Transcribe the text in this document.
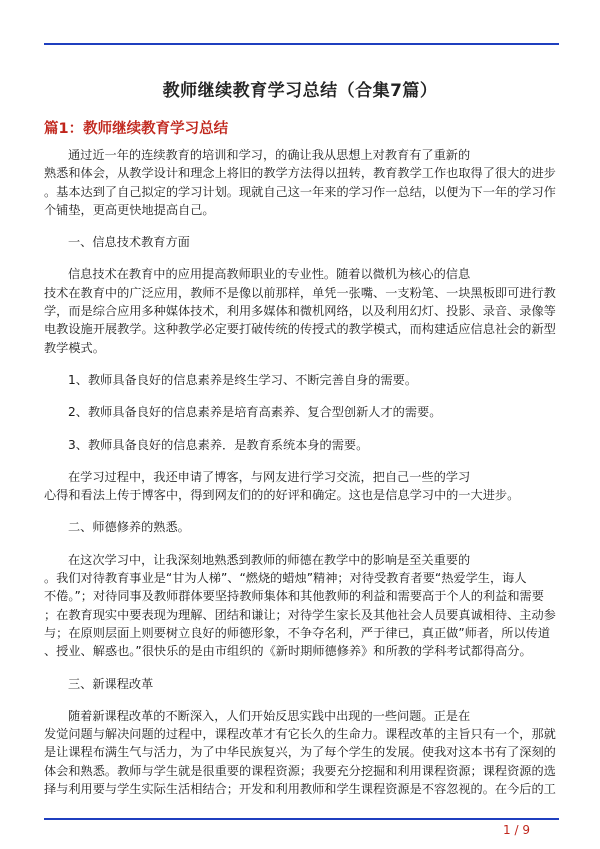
教师继续教育学习总结（合集7篇）
篇1：教师继续教育学习总结
通过近一年的连续教育的培训和学习，的确让我从思想上对教育有了重新的
熟悉和体会，从教学设计和理念上将旧的教学方法得以扭转，教育教学工作也取得了很大的进步
。基本达到了自己拟定的学习计划。现就自己这一年来的学习作一总结，以便为下一年的学习作
个铺垫，更高更快地提高自己。
一、信息技术教育方面
信息技术在教育中的应用提高教师职业的专业性。随着以微机为核心的信息
技术在教育中的广泛应用，教师不是像以前那样，单凭一张嘴、一支粉笔、一块黑板即可进行教
学，而是综合应用多种媒体技术，利用多媒体和微机网络，以及利用幻灯、投影、录音、录像等
电教设施开展教学。这种教学必定要打破传统的传授式的教学模式，而构建适应信息社会的新型
教学模式。
1、教师具备良好的信息素养是终生学习、不断完善自身的需要。
2、教师具备良好的信息素养是培育高素养、复合型创新人才的需要。
3、教师具备良好的信息素养．是教育系统本身的需要。
在学习过程中，我还申请了博客，与网友进行学习交流，把自己一些的学习
心得和看法上传于博客中，得到网友们的的好评和确定。这也是信息学习中的一大进步。
二、师德修养的熟悉。
在这次学习中，让我深刻地熟悉到教师的师德在教学中的影响是至关重要的
。我们对待教育事业是“甘为人梯”、“燃烧的蜡烛”精神；对待受教育者要“热爱学生，诲人
不倦。”；对待同事及教师群体要坚持教师集体和其他教师的利益和需要高于个人的利益和需要
；在教育现实中要表现为理解、团结和谦让；对待学生家长及其他社会人员要真诚相待、主动参
与；在原则层面上则要树立良好的师德形象，不争夺名利，严于律已，真正做”师者，所以传道
、授业、解惑也。”很快乐的是由市组织的《新时期师德修养》和所教的学科考试都得高分。
三、新课程改革
随着新课程改革的不断深入，人们开始反思实践中出现的一些问题。正是在
发觉问题与解决问题的过程中，课程改革才有它长久的生命力。课程改革的主旨只有一个，那就
是让课程布满生气与活力，为了中华民族复兴，为了每个学生的发展。使我对这本书有了深刻的
体会和熟悉。教师与学生就是很重要的课程资源；我要充分挖掘和利用课程资源；课程资源的选
择与利用要与学生实际生活相结合；开发和利用教师和学生课程资源是不容忽视的。在今后的工
1 / 9
